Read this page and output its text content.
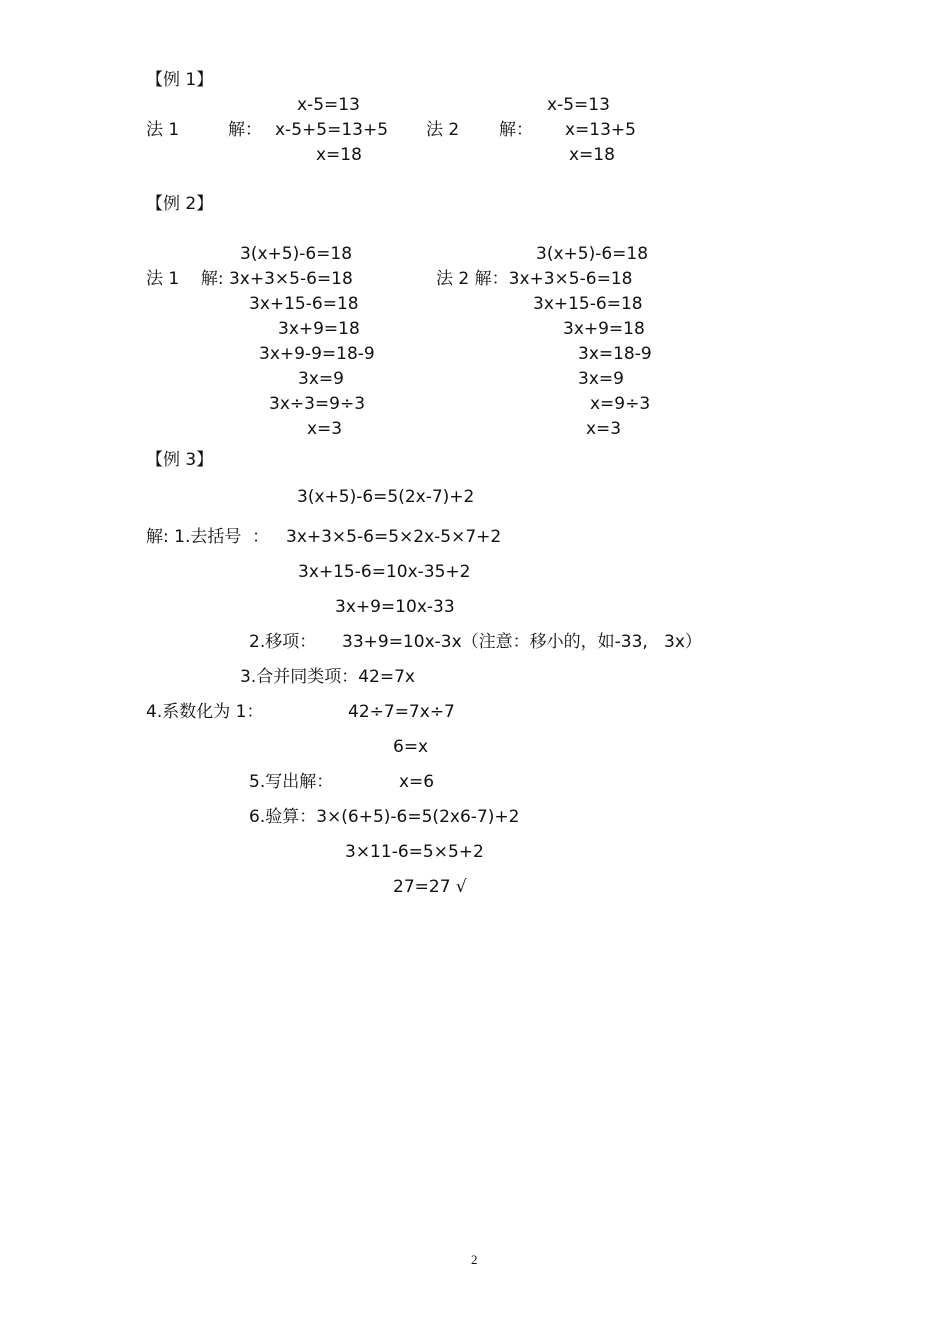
【例 1】
x-5=13
法 1	解： x-5+5=13+5
x=18
x-5=13
法 2 解： x=13+5
x=18
【例 2】
3(x+5)-6=18
法 1    解: 3x+3×5-6=18
3x+15-6=18
3x+9=18
3x+9-9=18-9
3x=9
3x÷3=9÷3
x=3
3(x+5)-6=18
法 2 解：3x+3×5-6=18
3x+15-6=18
3x+9=18
3x=18-9
3x=9
x=9÷3
x=3
【例 3】
3(x+5)-6=5(2x-7)+2
解: 1.去括号  ： 3x+3×5-6=5×2x-5×7+2
3x+15-6=10x-35+2
3x+9=10x-33
2.移项： 33+9=10x-3x（注意：移小的，如-33,   3x）
3.合并同类项：42=7x
4.系数化为 1：	42÷7=7x÷7
6=x
5.写出解：	x=6
6.验算：3×(6+5)-6=5(2x6-7)+2
3×11-6=5×5+2
27=27 √
2
